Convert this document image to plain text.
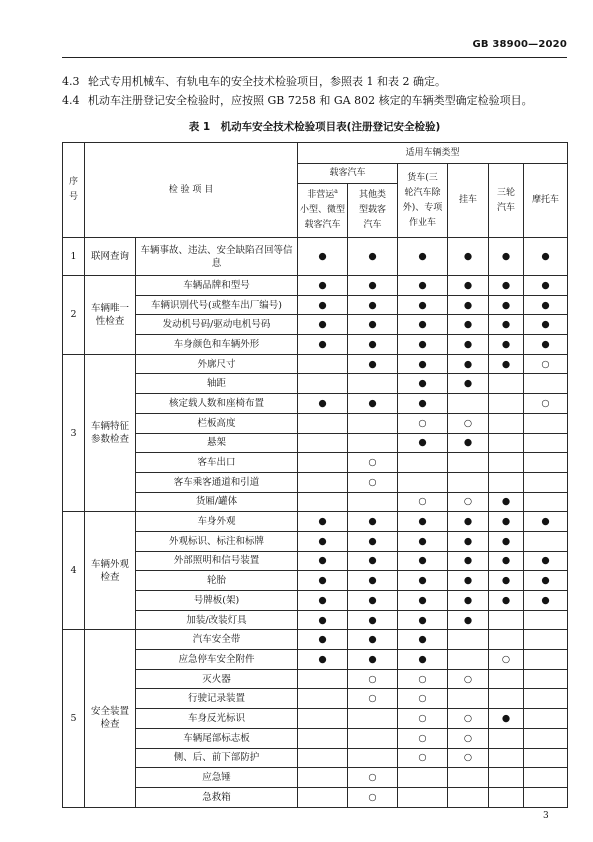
GB 38900—2020
4.3 轮式专用机械车、有轨电车的安全技术检验项目，参照表 1 和表 2 确定。
4.4 机动车注册登记安全检验时，应按照 GB 7258 和 GA 802 核定的车辆类型确定检验项目。
表 1　机动车安全技术检验项目表(注册登记安全检验)
序
号	检 验 项 目		适用车辆类型					
			载客汽车		货车(三
轮汽车除
外)、专项
作业车	挂车	三轮
汽车	摩托车
			非营运$^a$
小型、微型
载客汽车	其他类
型载客
汽车				
1	联网查询	车辆事故、违法、安全缺陷召回等信息	●	●	●	●	●	●
2	车辆唯一
性检查	车辆品牌和型号	●	●	●	●	●	●
		车辆识别代号(或整车出厂编号)	●	●	●	●	●	●
		发动机号码/驱动电机号码	●	●	●	●	●	●
		车身颜色和车辆外形	●	●	●	●	●	●
3	车辆特征
参数检查	外廓尺寸		●	●	●	●	○
		轴距			●	●		
		核定载人数和座椅布置	●	●	●			○
		栏板高度			○	○		
		悬架			●	●		
		客车出口		○				
		客车乘客通道和引道		○				
		货厢/罐体			○	○	●	
4	车辆外观
检查	车身外观	●	●	●	●	●	●
		外观标识、标注和标牌	●	●	●	●	●	
		外部照明和信号装置	●	●	●	●	●	●
		轮胎	●	●	●	●	●	●
		号牌板(架)	●	●	●	●	●	●
		加装/改装灯具	●	●	●	●		
5	安全装置
检查	汽车安全带	●	●	●			
		应急停车安全附件	●	●	●		○	
		灭火器		○	○	○		
		行驶记录装置		○	○			
		车身反光标识			○	○	●	
		车辆尾部标志板			○	○		
		侧、后、前下部防护			○	○		
		应急锤		○				
		急救箱		○				
3
